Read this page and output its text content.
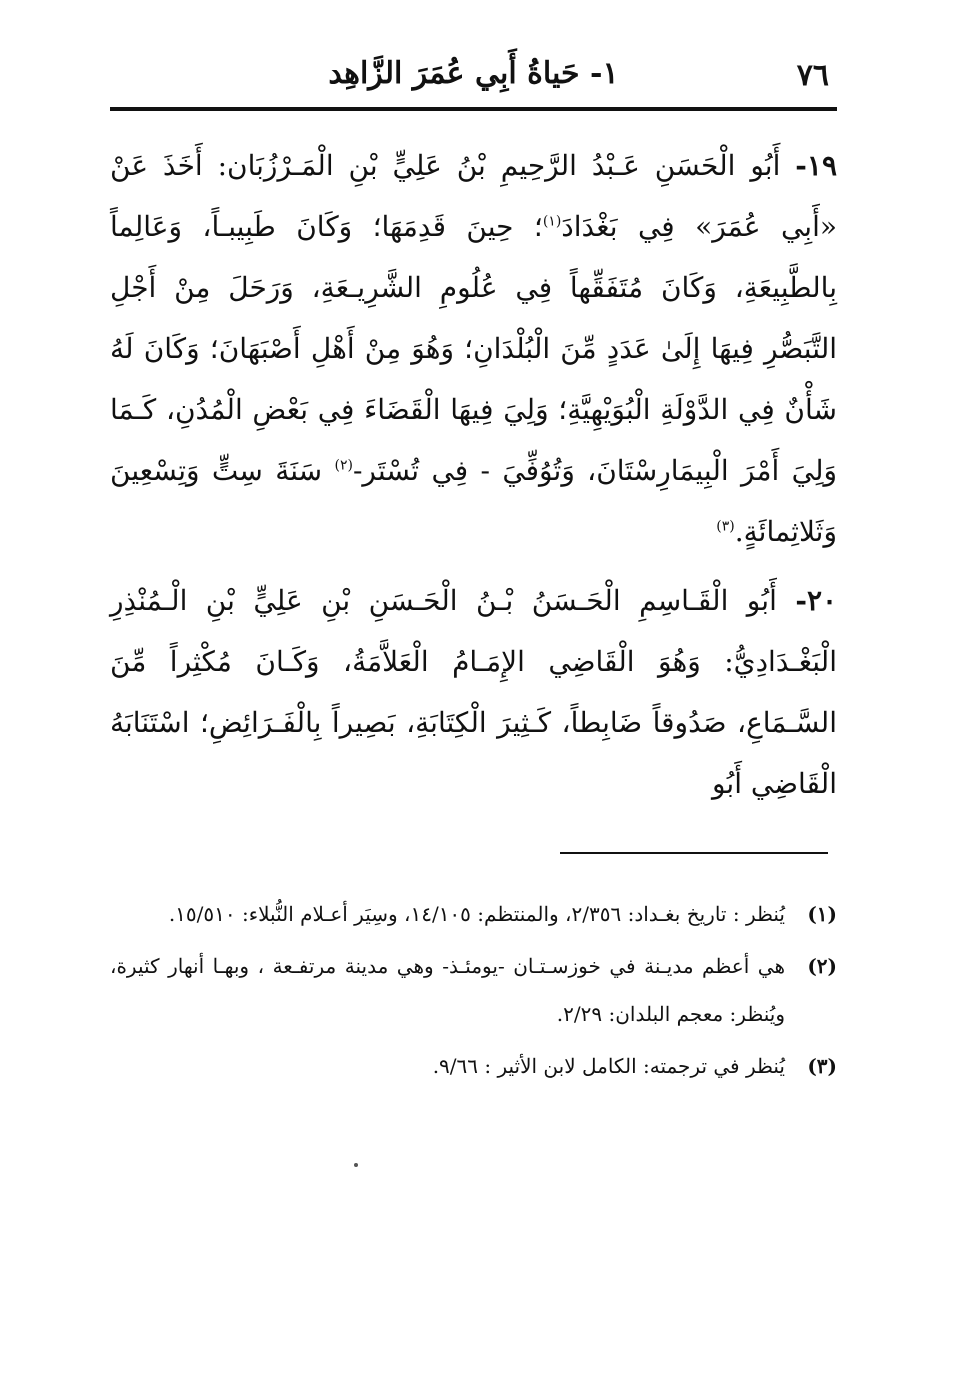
٧٦
١- حَياةُ أَبِي عُمَرَ الزَّاهِد

١٩- أَبُو الْحَسَنِ عَـبْدُ الرَّحِيمِ بْنُ عَلِيٍّ بْنِ الْمَـرْزُبَان: أَخَذَ عَنْ «أَبِي عُمَرَ» فِي بَغْدَادَ$^{(١)}$؛ حِينَ قَدِمَهَا؛ وَكَانَ طَبِيبـاً، وَعَالِماً بِالطَّبِيعَةِ، وَكَانَ مُتَفَقِّهاً فِي عُلُومِ الشَّرِيـعَةِ، وَرَحَلَ مِنْ أَجْلِ التَّبَصُّرِ فِيهَا إِلَىٰ عَدَدٍ مِّنَ الْبُلْدَانِ؛ وَهُوَ مِنْ أَهْلِ أَصْبَهَانَ؛ وَكَانَ لَهُ شَأْنٌ فِي الدَّوْلَةِ الْبُوَيْهِيَّةِ؛ وَلِيَ فِيهَا الْقَضَاءَ فِي بَعْضِ الْمُدُنِ، كَـمَا وَلِيَ أَمْرَ الْبِيمَارِسْتَانَ، وَتُوُفِّيَ - فِي تُسْتَر-$^{(٢)}$ سَنَةَ سِتٍّ وَتِسْعِينَ وَثَلاثِمائَةٍ.$^{(٣)}$

٢٠- أَبُو الْقَـاسِمِ الْحَـسَنُ بْـنُ الْحَـسَنِ بْنِ عَلِيٍّ بْنِ الْـمُنْذِرِ الْبَغْـدَادِيُّ: وَهُوَ الْقَاضِي الإِمَـامُ الْعَلاَّمَةُ، وَكَـانَ مُكْثِراً مِّنَ السَّـمَاعِ، صَدُوقاً ضَابِطاً، كَـثِيرَ الْكِتَابَةِ، بَصِيراً بِالْفَـرَائِضِ؛ اسْتَنَابَهُ الْقَاضِي أَبُو

(١)
يُنظر : تاريخ بغـداد: ٢/٣٥٦، والمنتظم: ١٤/١٠٥، وسِيَر أعـلام النُّبلاء: ١٥/٥١٠.
(٢)
هي أعظم مديـنة في خوزسـتـان -يومئـذ- وهي مدينة مرتفـعة ، وبهـا أنهار كثيرة، ويُنظر: معجم البلدان: ٢/٢٩.
(٣)
يُنظر في ترجمته: الكامل لابن الأثير : ٩/٦٦.
